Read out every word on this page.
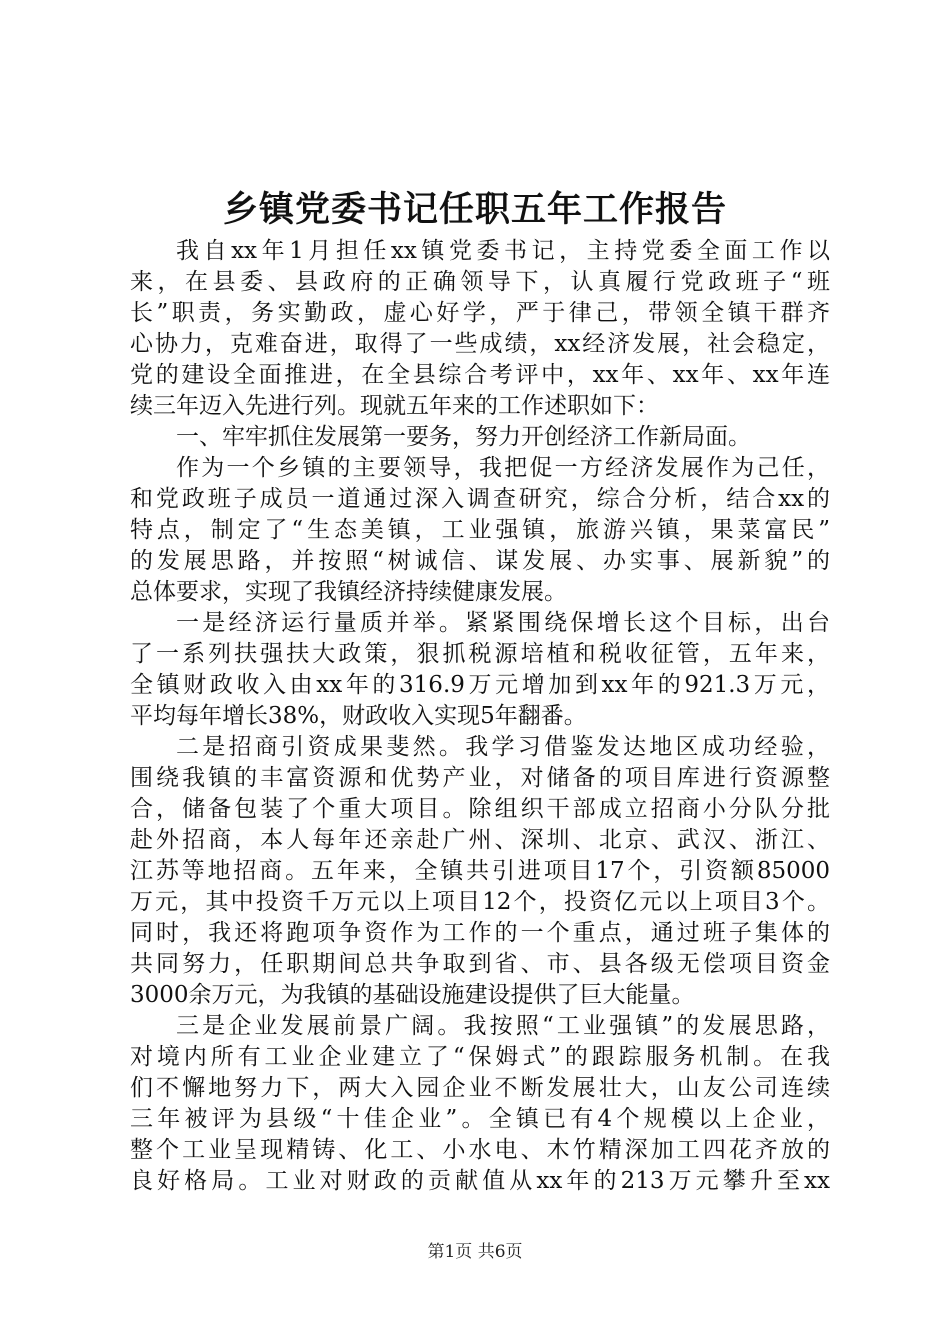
乡镇党委书记任职五年工作报告
我自xx年1月担任xx镇党委书记，主持党委全面工作以
来，在县委、县政府的正确领导下，认真履行党政班子“班
长”职责，务实勤政，虚心好学，严于律己，带领全镇干群齐
心协力，克难奋进，取得了一些成绩，xx经济发展，社会稳定，
党的建设全面推进，在全县综合考评中，xx年、xx年、xx年连
续三年迈入先进行列。现就五年来的工作述职如下：
一、牢牢抓住发展第一要务，努力开创经济工作新局面。
作为一个乡镇的主要领导，我把促一方经济发展作为己任，
和党政班子成员一道通过深入调查研究，综合分析，结合xx的
特点，制定了“生态美镇，工业强镇，旅游兴镇，果菜富民”
的发展思路，并按照“树诚信、谋发展、办实事、展新貌”的
总体要求，实现了我镇经济持续健康发展。
一是经济运行量质并举。紧紧围绕保增长这个目标，出台
了一系列扶强扶大政策，狠抓税源培植和税收征管，五年来，
全镇财政收入由xx年的316.9万元增加到xx年的921.3万元，
平均每年增长38%，财政收入实现5年翻番。
二是招商引资成果斐然。我学习借鉴发达地区成功经验，
围绕我镇的丰富资源和优势产业，对储备的项目库进行资源整
合，储备包装了个重大项目。除组织干部成立招商小分队分批
赴外招商，本人每年还亲赴广州、深圳、北京、武汉、浙江、
江苏等地招商。五年来，全镇共引进项目17个，引资额85000
万元，其中投资千万元以上项目12个，投资亿元以上项目3个。
同时，我还将跑项争资作为工作的一个重点，通过班子集体的
共同努力，任职期间总共争取到省、市、县各级无偿项目资金
3000余万元，为我镇的基础设施建设提供了巨大能量。
三是企业发展前景广阔。我按照“工业强镇”的发展思路，
对境内所有工业企业建立了“保姆式”的跟踪服务机制。在我
们不懈地努力下，两大入园企业不断发展壮大，山友公司连续
三年被评为县级“十佳企业”。全镇已有4个规模以上企业，
整个工业呈现精铸、化工、小水电、木竹精深加工四花齐放的
良好格局。工业对财政的贡献值从xx年的213万元攀升至xx
第1页 共6页
